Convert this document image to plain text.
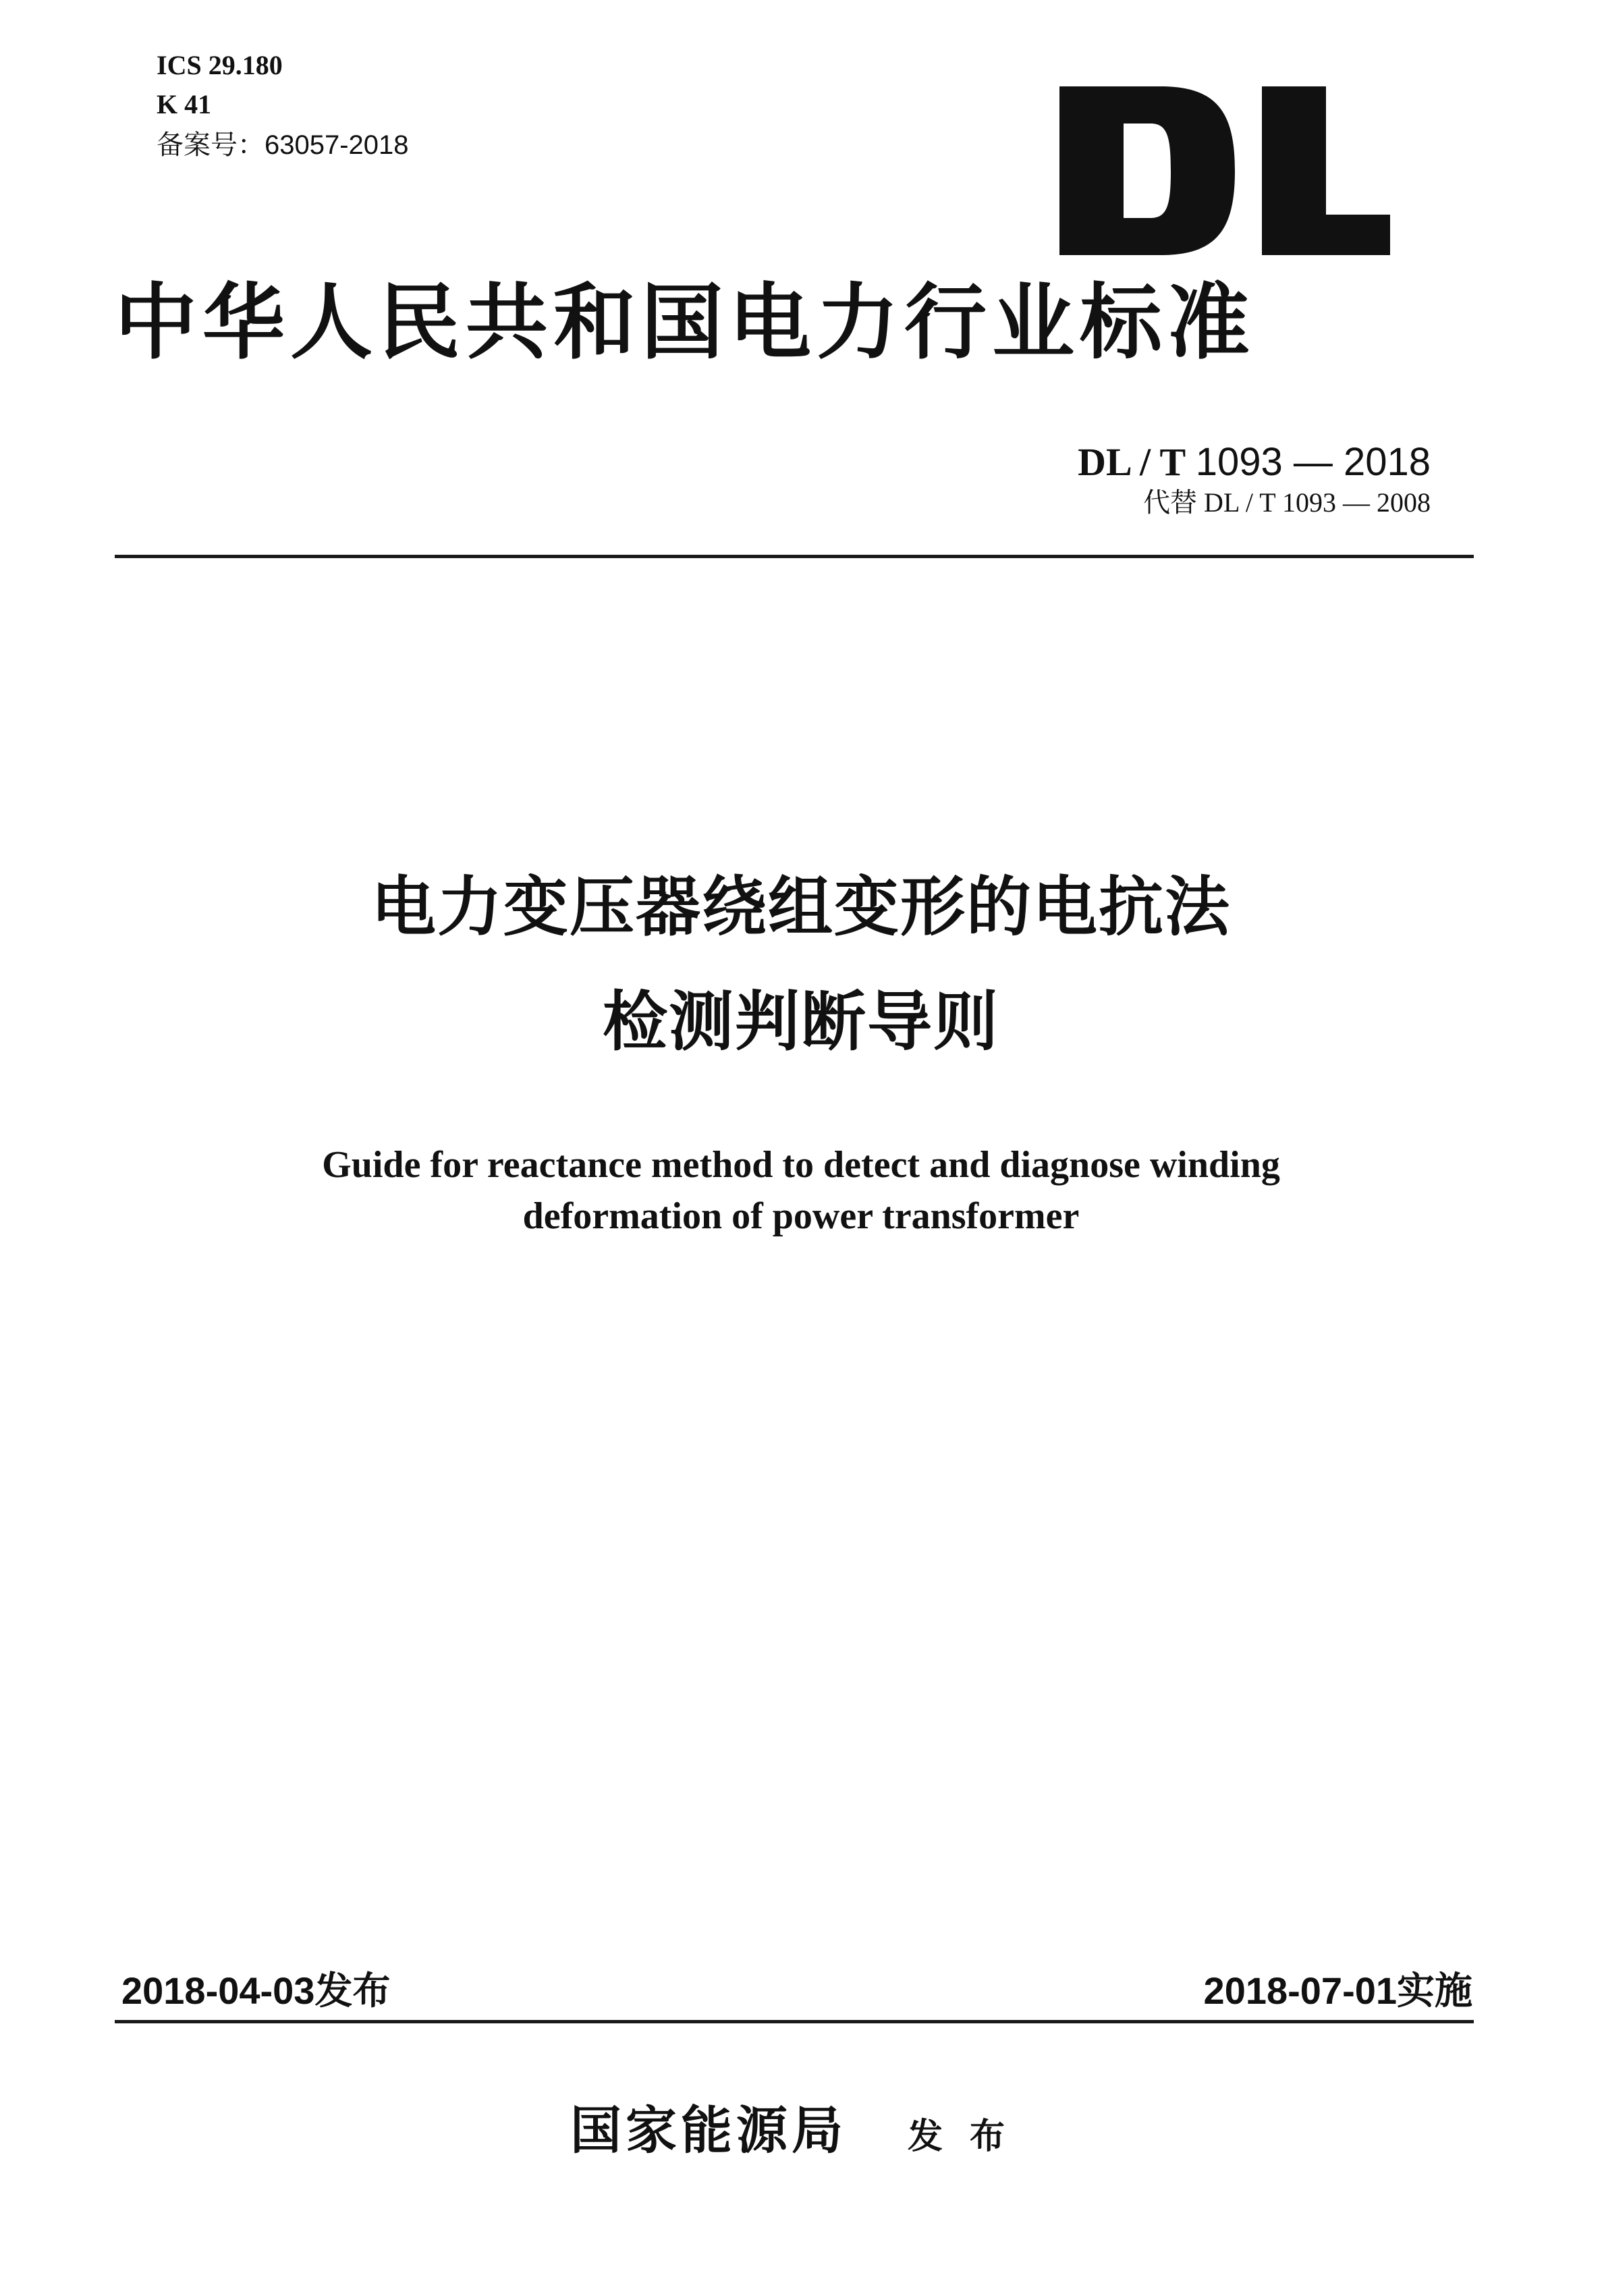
ICS 29.180
K 41
备案号：63057-2018
中华人民共和国电力行业标准
DL / T 1093 — 2018
代替 DL / T 1093 — 2008
电力变压器绕组变形的电抗法
检测判断导则
Guide for reactance method to detect and diagnose winding
deformation of power transformer
2018-04-03发布	2018-07-01实施
国家能源局 发布
